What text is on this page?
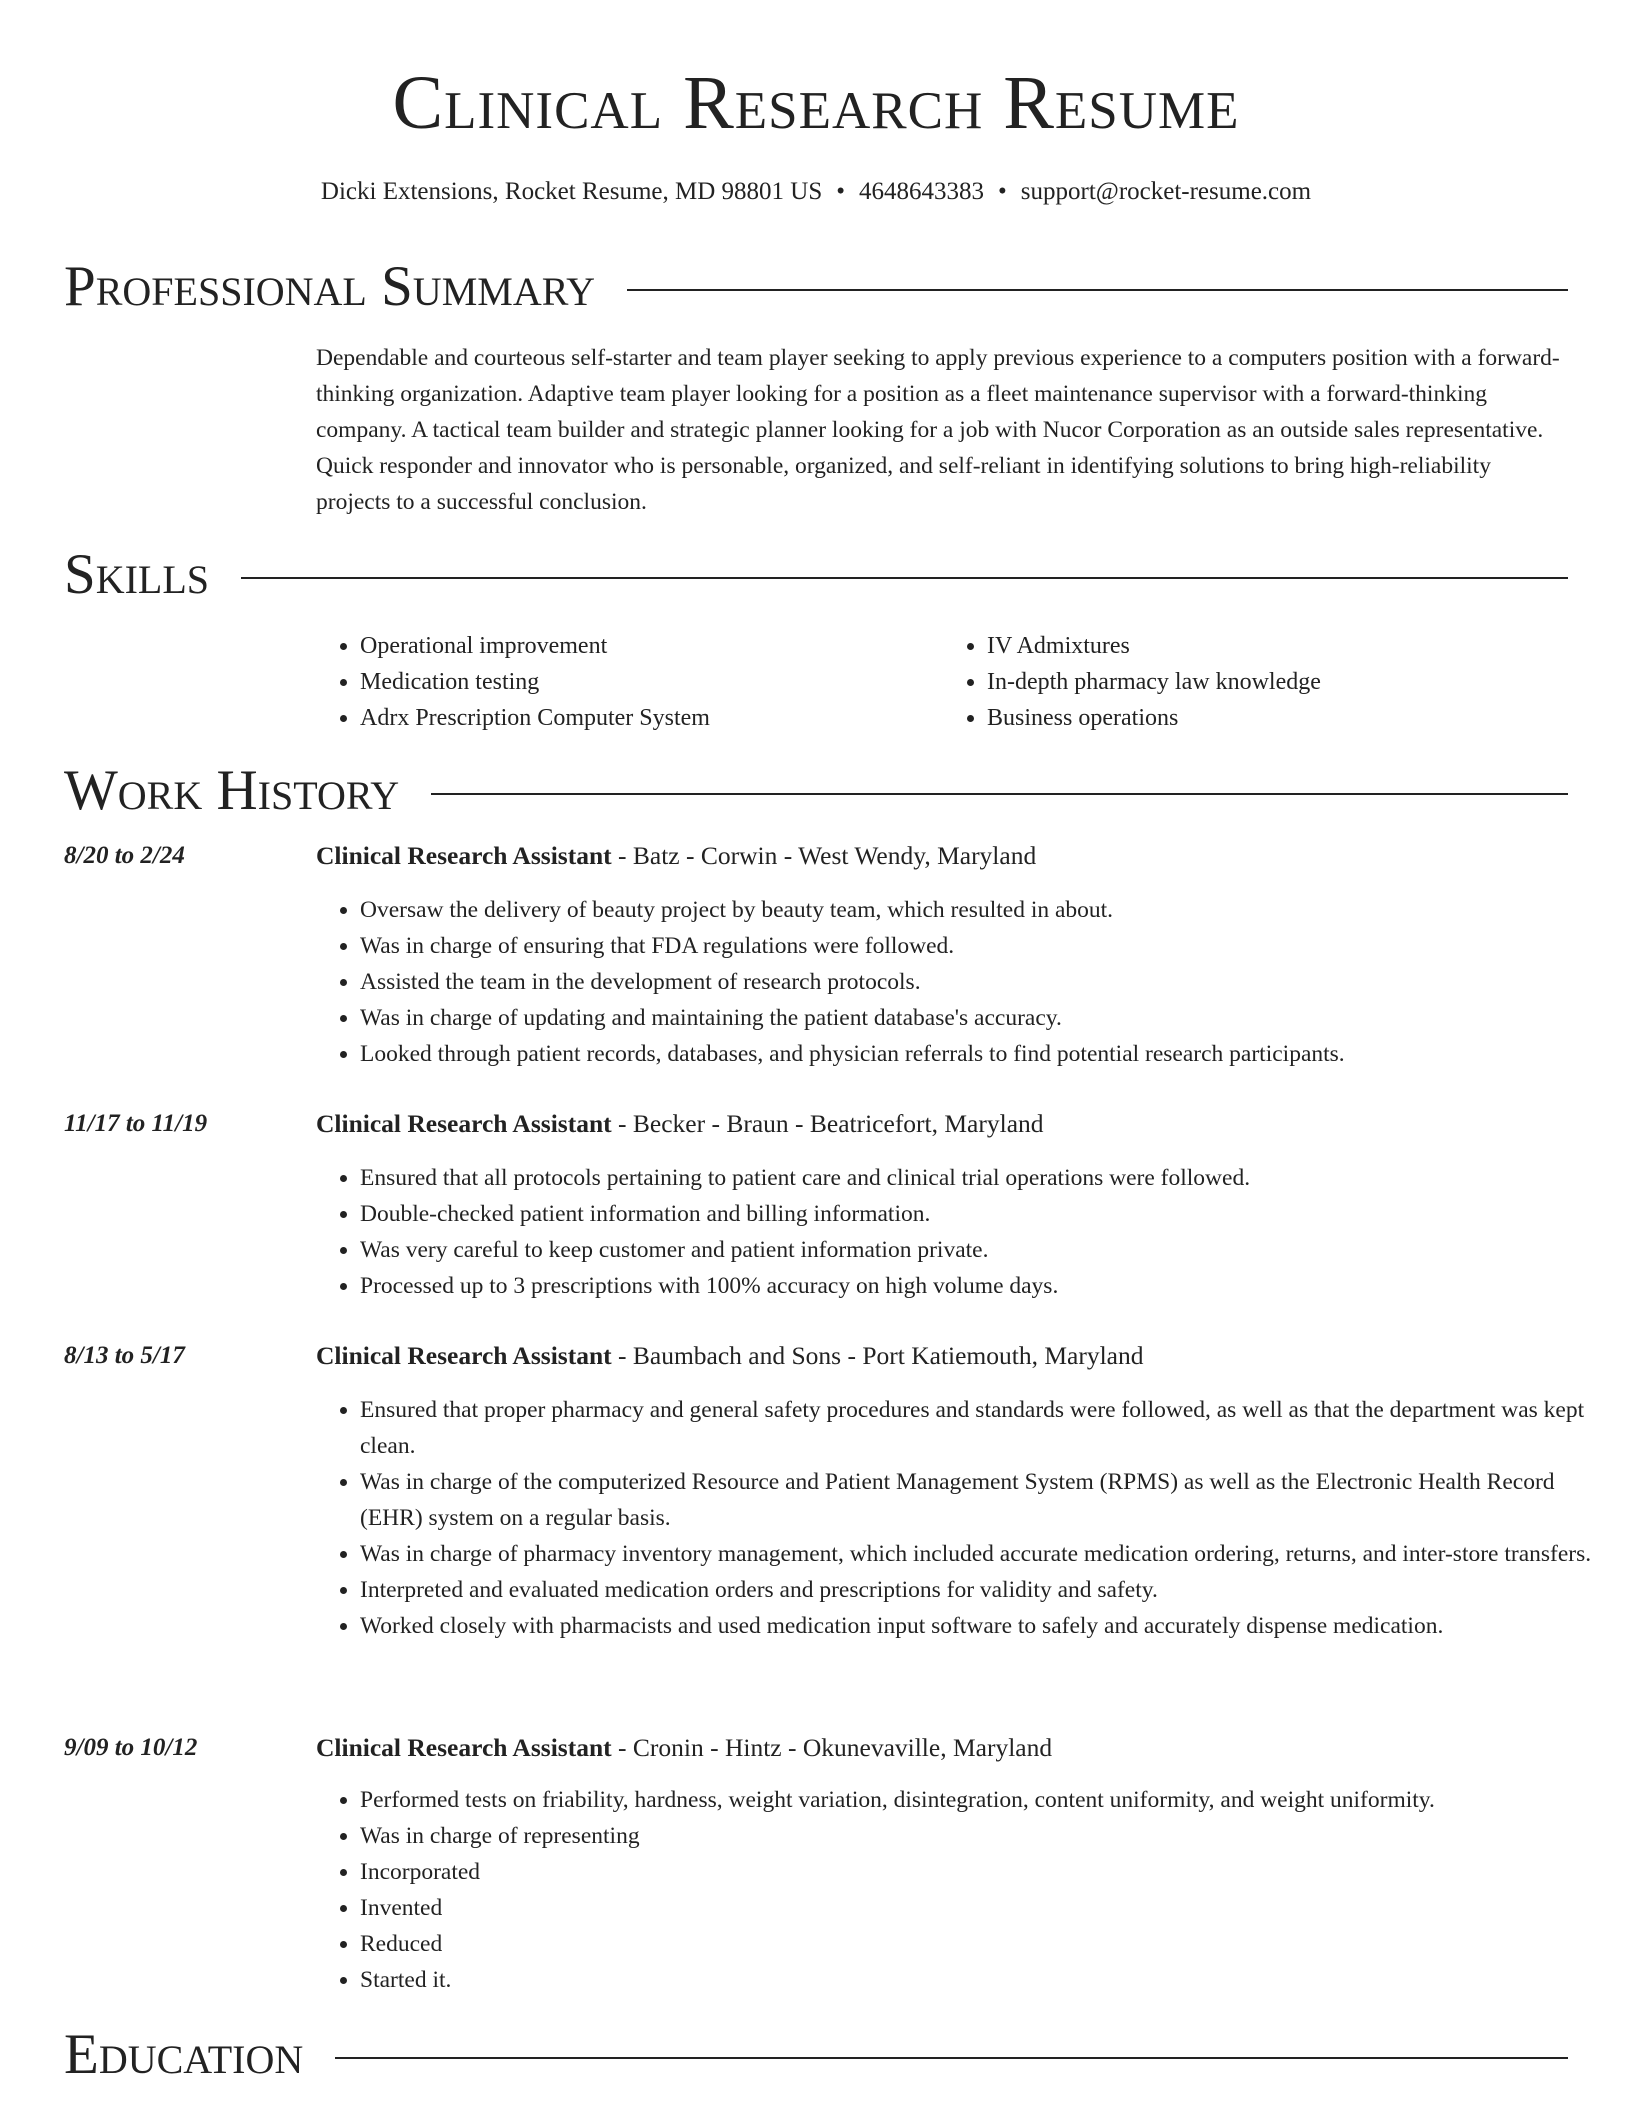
Clinical Research Resume
Dicki Extensions, Rocket Resume, MD 98801 US • 4648643383 • support@rocket-resume.com
Professional Summary

Dependable and courteous self-starter and team player seeking to apply previous experience to a computers position with a forward-thinking organization. Adaptive team player looking for a position as a fleet maintenance supervisor with a forward-thinking company. A tactical team builder and strategic planner looking for a job with Nucor Corporation as an outside sales representative. Quick responder and innovator who is personable, organized, and self-reliant in identifying solutions to bring high-reliability projects to a successful conclusion.

Skills
• Operational improvement
• Medication testing
• Adrx Prescription Computer System
• IV Admixtures
• In-depth pharmacy law knowledge
• Business operations
Work History
8/20 to 2/24	Clinical Research Assistant - Batz - Corwin - West Wendy, Maryland
• Oversaw the delivery of beauty project by beauty team, which resulted in about.
• Was in charge of ensuring that FDA regulations were followed.
• Assisted the team in the development of research protocols.
• Was in charge of updating and maintaining the patient database's accuracy.
• Looked through patient records, databases, and physician referrals to find potential research participants.
11/17 to 11/19	Clinical Research Assistant - Becker - Braun - Beatricefort, Maryland
• Ensured that all protocols pertaining to patient care and clinical trial operations were followed.
• Double-checked patient information and billing information.
• Was very careful to keep customer and patient information private.
• Processed up to 3 prescriptions with 100% accuracy on high volume days.
8/13 to 5/17	Clinical Research Assistant - Baumbach and Sons - Port Katiemouth, Maryland
• Ensured that proper pharmacy and general safety procedures and standards were followed, as well as that the department was kept clean.
• Was in charge of the computerized Resource and Patient Management System (RPMS) as well as the Electronic Health Record (EHR) system on a regular basis.
• Was in charge of pharmacy inventory management, which included accurate medication ordering, returns, and inter-store transfers.
• Interpreted and evaluated medication orders and prescriptions for validity and safety.
• Worked closely with pharmacists and used medication input software to safely and accurately dispense medication.
9/09 to 10/12	Clinical Research Assistant - Cronin - Hintz - Okunevaville, Maryland
• Performed tests on friability, hardness, weight variation, disintegration, content uniformity, and weight uniformity.
• Was in charge of representing
• Incorporated
• Invented
• Reduced
• Started it.
Education
